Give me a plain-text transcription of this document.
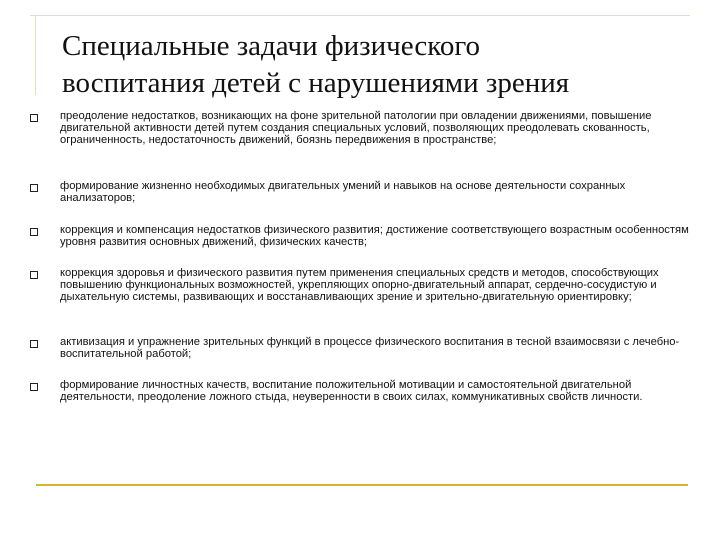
Специальные задачи физического
воспитания детей с нарушениями зрения
преодоление недостатков, возникающих на фоне зрительной патологии при овладении движениями, повышение двигательной активности детей путем создания специальных условий, позволяющих преодолевать скованность, ограниченность, недостаточность движений, боязнь передвижения в пространстве;
формирование жизненно необходимых двигательных умений и навыков на основе деятельности сохранных анализаторов;
коррекция и компенсация недостатков физического развития; достижение соответствующего возрастным особенностям уровня развития основных движений, физических качеств;
коррекция здоровья и физического развития путем применения специальных средств и методов, способствующих повышению функциональных возможностей, укрепляющих опорно-двигательный аппарат, сердечно-сосудистую и дыхательную системы, развивающих и восстанавливающих зрение и зрительно-двигательную ориентировку;
активизация и упражнение зрительных функций в процессе физического воспитания в тесной взаимосвязи с лечебно-воспитательной работой;
формирование личностных качеств, воспитание положительной мотивации и самостоятельной двигательной деятельности, преодоление ложного стыда, неуверенности в своих силах, коммуникативных свойств личности.
